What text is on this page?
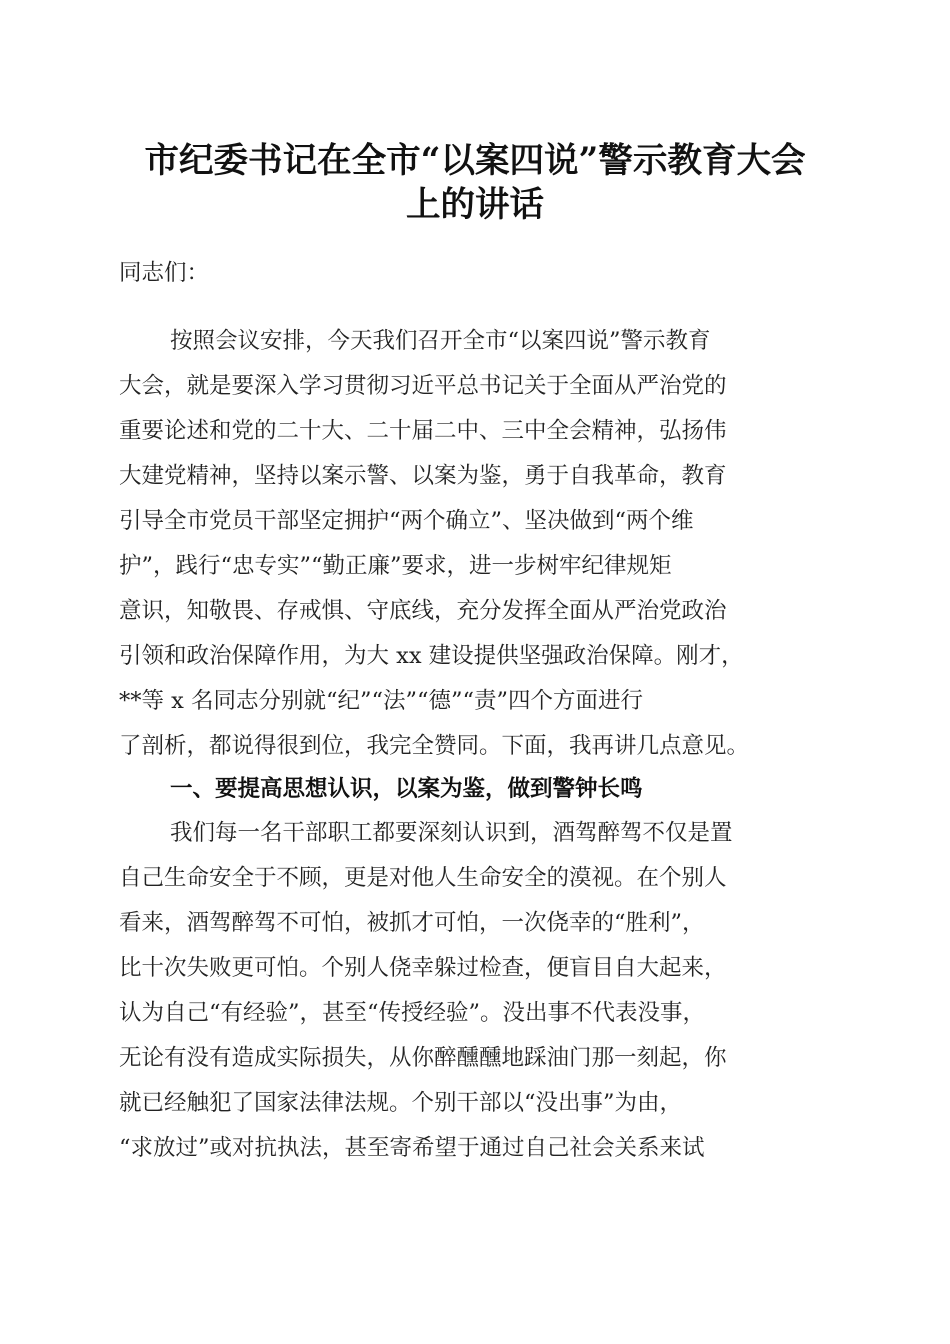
市纪委书记在全市“以案四说”警示教育大会
上的讲话

同志们：

按照会议安排，今天我们召开全市“以案四说”警示教育

大会，就是要深入学习贯彻习近平总书记关于全面从严治党的

重要论述和党的二十大、二十届二中、三中全会精神，弘扬伟

大建党精神，坚持以案示警、以案为鉴，勇于自我革命，教育

引导全市党员干部坚定拥护“两个确立”、坚决做到“两个维

护”，践行“忠专实”“勤正廉”要求，进一步树牢纪律规矩

意识，知敬畏、存戒惧、守底线，充分发挥全面从严治党政治

引领和政治保障作用，为大 xx 建设提供坚强政治保障。刚才，

**等 x 名同志分别就“纪”“法”“德”“责”四个方面进行

了剖析，都说得很到位，我完全赞同。下面，我再讲几点意见。

一、要提高思想认识，以案为鉴，做到警钟长鸣

我们每一名干部职工都要深刻认识到，酒驾醉驾不仅是置

自己生命安全于不顾，更是对他人生命安全的漠视。在个别人

看来，酒驾醉驾不可怕，被抓才可怕，一次侥幸的“胜利”，

比十次失败更可怕。个别人侥幸躲过检查，便盲目自大起来，

认为自己“有经验”，甚至“传授经验”。没出事不代表没事，

无论有没有造成实际损失，从你醉醺醺地踩油门那一刻起，你

就已经触犯了国家法律法规。个别干部以“没出事”为由，

“求放过”或对抗执法，甚至寄希望于通过自己社会关系来试
